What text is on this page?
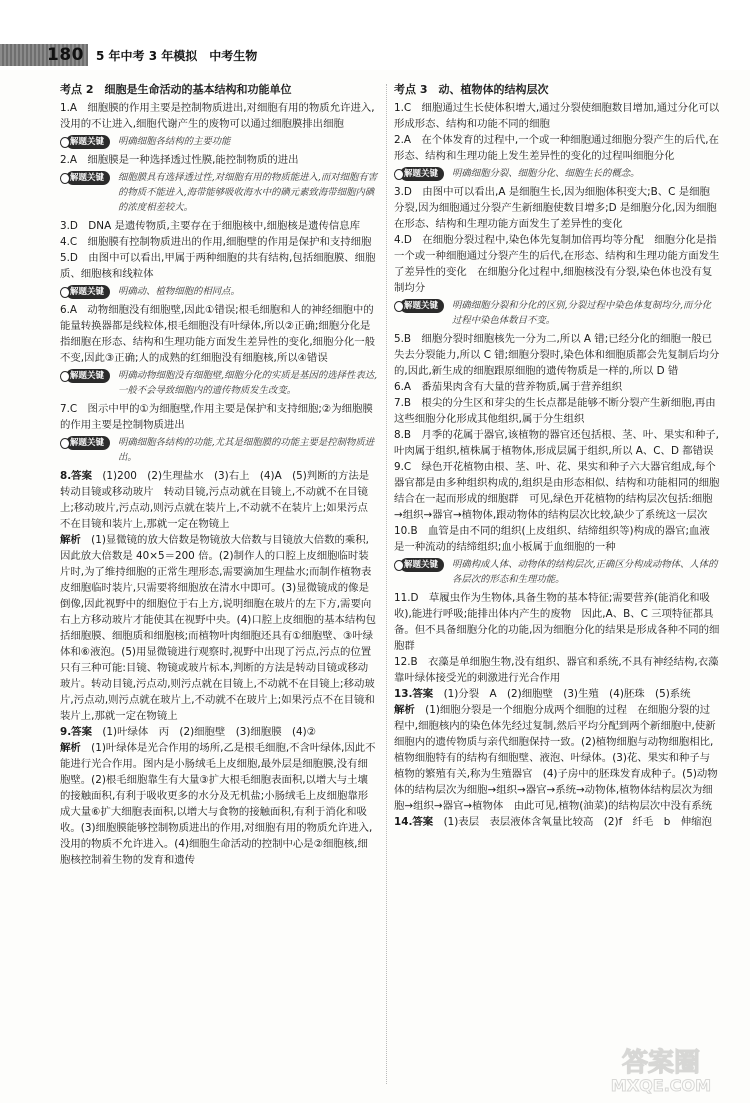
180 5 年中考 3 年模拟　中考生物
考点 2　细胞是生命活动的基本结构和功能单位
1.A　细胞膜的作用主要是控制物质进出,对细胞有用的物质允许进入,没用的不让进入,细胞代谢产生的废物可以通过细胞膜排出细胞
解题关键	明确细胞各结构的主要功能
2.A　细胞膜是一种选择透过性膜,能控制物质的进出
解题关键	细胞膜具有选择透过性,对细胞有用的物质能进入,而对细胞有害的物质不能进入,海带能够吸收海水中的碘元素致海带细胞内碘的浓度相差较大。
3.D　DNA 是遗传物质,主要存在于细胞核中,细胞核是遗传信息库
4.C　细胞膜有控制物质进出的作用,细胞壁的作用是保护和支持细胞
5.D　由图中可以看出,甲属于两种细胞的共有结构,包括细胞膜、细胞质、细胞核和线粒体
解题关键	明确动、植物细胞的相同点。
6.A　动物细胞没有细胞壁,因此①错误;根毛细胞和人的神经细胞中的能量转换器都是线粒体,根毛细胞没有叶绿体,所以②正确;细胞分化是指细胞在形态、结构和生理功能方面发生差异性的变化,细胞分化一般不变,因此③正确;人的成熟的红细胞没有细胞核,所以④错误
解题关键	明确动物细胞没有细胞壁,细胞分化的实质是基因的选择性表达,一般不会导致细胞内的遗传物质发生改变。
7.C　图示中甲的①为细胞壁,作用主要是保护和支持细胞;②为细胞膜的作用主要是控制物质进出
解题关键	明确细胞各结构的功能,尤其是细胞膜的功能主要是控制物质进出。
8.答案　 (1)200　(2)生理盐水　(3)右上　(4)A　(5)判断的方法是转动目镜或移动玻片　转动目镜,污点动就在目镜上,不动就不在目镜上;移动玻片,污点动,则污点就在装片上,不动就不在装片上;如果污点不在目镜和装片上,那就一定在物镜上
解析　 (1)显微镜的放大倍数是物镜放大倍数与目镜放大倍数的乘积,因此放大倍数是 40×5＝200 倍。(2)制作人的口腔上皮细胞临时装片时,为了维持细胞的正常生理形态,需要滴加生理盐水;而制作植物表皮细胞临时装片,只需要将细胞放在清水中即可。(3)显微镜成的像是倒像,因此视野中的细胞位于右上方,说明细胞在玻片的左下方,需要向右上方移动玻片才能使其在视野中央。(4)口腔上皮细胞的基本结构包括细胞膜、细胞质和细胞核;而植物叶肉细胞还具有①细胞壁、③叶绿体和⑥液泡。(5)用显微镜进行观察时,视野中出现了污点,污点的位置只有三种可能:目镜、物镜或玻片标本,判断的方法是转动目镜或移动玻片。转动目镜,污点动,则污点就在目镜上,不动就不在目镜上;移动玻片,污点动,则污点就在玻片上,不动就不在玻片上;如果污点不在目镜和装片上,那就一定在物镜上
9.答案　 (1)叶绿体　丙　(2)细胞壁　(3)细胞膜　(4)②
解析　 (1)叶绿体是光合作用的场所,乙是根毛细胞,不含叶绿体,因此不能进行光合作用。图内是小肠绒毛上皮细胞,最外层是细胞膜,没有细胞壁。(2)根毛细胞靠生有大量③扩大根毛细胞表面积,以增大与土壤的接触面积,有利于吸收更多的水分及无机盐;小肠绒毛上皮细胞靠形成大量⑥扩大细胞表面积,以增大与食物的接触面积,有利于消化和吸收。(3)细胞膜能够控制物质进出的作用,对细胞有用的物质允许进入,没用的物质不允许进入。(4)细胞生命活动的控制中心是②细胞核,细胞核控制着生物的发育和遗传
考点 3　动、植物体的结构层次
1.C　细胞通过生长使体积增大,通过分裂使细胞数目增加,通过分化可以形成形态、结构和功能不同的细胞
2.A　在个体发育的过程中,一个或一种细胞通过细胞分裂产生的后代,在形态、结构和生理功能上发生差异性的变化的过程叫细胞分化
解题关键	明确细胞分裂、细胞分化、细胞生长的概念。
3.D　由图中可以看出,A 是细胞生长,因为细胞体积变大;B、C 是细胞分裂,因为细胞通过分裂产生新细胞使数目增多;D 是细胞分化,因为细胞在形态、结构和生理功能方面发生了差异性的变化
4.D　在细胞分裂过程中,染色体先复制加倍再均等分配　细胞分化是指一个或一种细胞通过分裂产生的后代,在形态、结构和生理功能方面发生了差异性的变化　在细胞分化过程中,细胞核没有分裂,染色体也没有复制均分
解题关键	明确细胞分裂和分化的区别,分裂过程中染色体复制均分,而分化过程中染色体数目不变。
5.B　细胞分裂时细胞核先一分为二,所以 A 错;已经分化的细胞一般已失去分裂能力,所以 C 错;细胞分裂时,染色体和细胞质都会先复制后均分的,因此,新生成的细胞跟原细胞的遗传物质是一样的,所以 D 错
6.A　番茄果肉含有大量的营养物质,属于营养组织
7.B　根尖的分生区和芽尖的生长点都是能够不断分裂产生新细胞,再由这些细胞分化形成其他组织,属于分生组织
8.B　月季的花属于器官,该植物的器官还包括根、茎、叶、果实和种子,叶肉属于组织,植株属于植物体,形成层属于组织,所以 A、C、D 都错误
9.C　绿色开花植物由根、茎、叶、花、果实和种子六大器官组成,每个器官都是由多种组织构成的,组织是由形态相似、结构和功能相同的细胞结合在一起而形成的细胞群　可见,绿色开花植物的结构层次包括:细胞→组织→器官→植物体,跟动物体的结构层次比较,缺少了系统这一层次
10.B　血管是由不同的组织(上皮组织、结缔组织等)构成的器官;血液是一种流动的结缔组织;血小板属于血细胞的一种
解题关键	明确构成人体、动物体的结构层次,正确区分构成动物体、人体的各层次的形态和生理功能。
11.D　草履虫作为生物体,具备生物的基本特征;需要营养(能消化和吸收),能进行呼吸;能排出体内产生的废物　因此,A、B、C 三项特征都具备。但不具备细胞分化的功能,因为细胞分化的结果是形成各种不同的细胞群
12.B　衣藻是单细胞生物,没有组织、器官和系统,不具有神经结构,衣藻靠叶绿体接受光的刺激进行光合作用
13.答案　 (1)分裂　A　(2)细胞壁　(3)生殖　(4)胚珠　(5)系统
解析　 (1)细胞分裂是一个细胞分成两个细胞的过程　在细胞分裂的过程中,细胞核内的染色体先经过复制,然后平均分配到两个新细胞中,使新细胞内的遗传物质与亲代细胞保持一致。(2)植物细胞与动物细胞相比,植物细胞特有的结构有细胞壁、液泡、叶绿体。(3)花、果实和种子与植物的繁殖有关,称为生殖器官　(4)子房中的胚珠发育成种子。(5)动物体的结构层次为细胞→组织→器官→系统→动物体,植物体结构层次为细胞→组织→器官→植物体　由此可见,植物(油菜)的结构层次中没有系统
14.答案　 (1)表层　表层液体含氧量比较高　(2)f　纤毛　b　伸缩泡
答案圈
MXQE.COM
